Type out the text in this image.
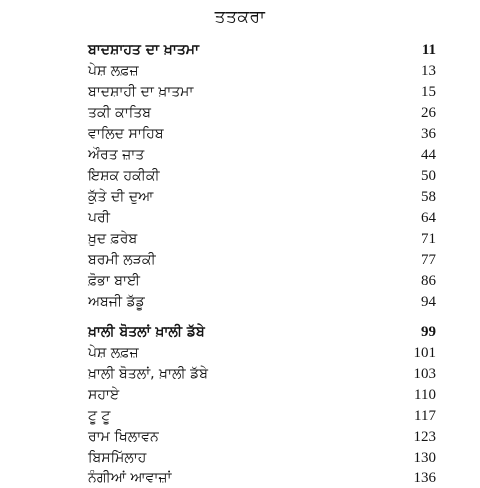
ਤਤਕਰਾ
ਬਾਦਸ਼ਾਹਤ ਦਾ ਖ਼ਾਤਮਾ	11
ਪੇਸ਼ ਲਫ਼ਜ਼	13
ਬਾਦਸ਼ਾਹੀ ਦਾ ਖ਼ਾਤਮਾ	15
ਤਕੀ ਕਾਤਿਬ	26
ਵਾਲਿਦ ਸਾਹਿਬ	36
ਔਰਤ ਜ਼ਾਤ	44
ਇਸ਼ਕ ਹਕੀਕੀ	50
ਕੁੱਤੇ ਦੀ ਦੁਆ	58
ਪਰੀ	64
ਖ਼ੁਦ ਫ਼ਰੇਬ	71
ਬਰਮੀ ਲੜਕੀ	77
ਫ਼ੋਭਾ ਬਾਈ	86
ਅਬਜੀ ਡੱਡੂ	94
ਖ਼ਾਲੀ ਬੋਤਲਾਂ ਖ਼ਾਲੀ ਡੱਬੇ	99
ਪੇਸ਼ ਲਫ਼ਜ਼	101
ਖ਼ਾਲੀ ਬੋਤਲਾਂ, ਖ਼ਾਲੀ ਡੱਬੇ	103
ਸਹਾਏ	110
ਟੂ ਟੂ	117
ਰਾਮ ਖਿਲਾਵਨ	123
ਬਿਸਮਿੱਲਾਹ	130
ਨੰਗੀਆਂ ਆਵਾਜ਼ਾਂ	136
